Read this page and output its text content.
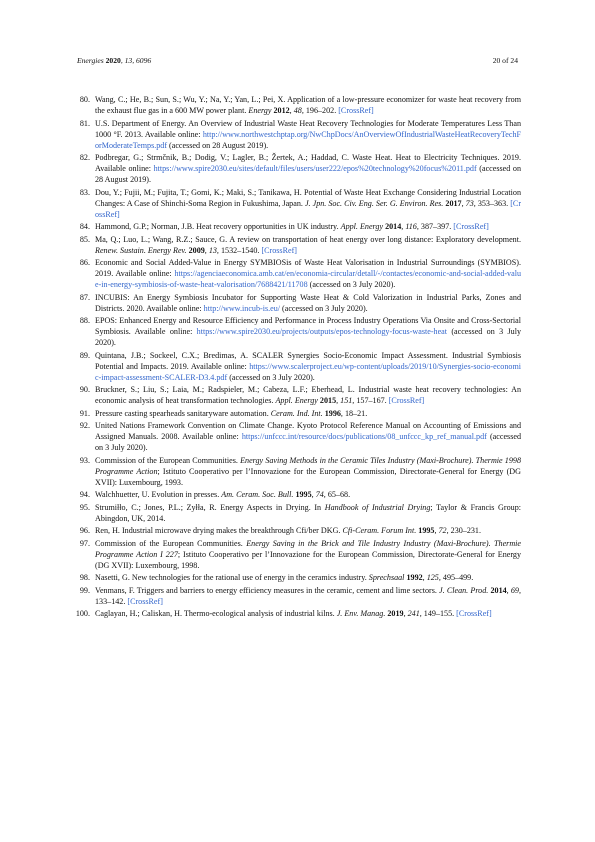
Energies 2020, 13, 6096	20 of 24
80. Wang, C.; He, B.; Sun, S.; Wu, Y.; Na, Y.; Yan, L.; Pei, X. Application of a low-pressure economizer for waste heat recovery from the exhaust flue gas in a 600 MW power plant. Energy 2012, 48, 196–202. [CrossRef]
81. U.S. Department of Energy. An Overview of Industrial Waste Heat Recovery Technologies for Moderate Temperatures Less Than 1000 °F. 2013. Available online: http://www.northwestchptap.org/NwChpDocs/AnOverviewOfIndustrialWasteHeatRecoveryTechForModerateTemps.pdf (accessed on 28 August 2019).
82. Podbregar, G.; Strmčnik, B.; Dodig, V.; Lagler, B.; Žertek, A.; Haddad, C. Waste Heat. Heat to Electricity Techniques. 2019. Available online: https://www.spire2030.eu/sites/default/files/users/user222/epos%20technology%20focus%2011.pdf (accessed on 28 August 2019).
83. Dou, Y.; Fujii, M.; Fujita, T.; Gomi, K.; Maki, S.; Tanikawa, H. Potential of Waste Heat Exchange Considering Industrial Location Changes: A Case of Shinchi-Soma Region in Fukushima, Japan. J. Jpn. Soc. Civ. Eng. Ser. G. Environ. Res. 2017, 73, 353–363. [CrossRef]
84. Hammond, G.P.; Norman, J.B. Heat recovery opportunities in UK industry. Appl. Energy 2014, 116, 387–397. [CrossRef]
85. Ma, Q.; Luo, L.; Wang, R.Z.; Sauce, G. A review on transportation of heat energy over long distance: Exploratory development. Renew. Sustain. Energy Rev. 2009, 13, 1532–1540. [CrossRef]
86. Economic and Social Added-Value in Energy SYMBIOSis of Waste Heat Valorisation in Industrial Surroundings (SYMBIOS). 2019. Available online: https://agenciaeconomica.amb.cat/en/economia-circular/detall/-/contactes/economic-and-social-added-value-in-energy-symbiosis-of-waste-heat-valorisation/7688421/11708 (accessed on 3 July 2020).
87. INCUBIS: An Energy Symbiosis Incubator for Supporting Waste Heat & Cold Valorization in Industrial Parks, Zones and Districts. 2020. Available online: http://www.incub-is.eu/ (accessed on 3 July 2020).
88. EPOS: Enhanced Energy and Resource Efficiency and Performance in Process Industry Operations Via Onsite and Cross-Sectorial Symbiosis. Available online: https://www.spire2030.eu/projects/outputs/epos-technology-focus-waste-heat (accessed on 3 July 2020).
89. Quintana, J.B.; Sockeel, C.X.; Bredimas, A. SCALER Synergies Socio-Economic Impact Assessment. Industrial Symbiosis Potential and Impacts. 2019. Available online: https://www.scalerproject.eu/wp-content/uploads/2019/10/Synergies-socio-economic-impact-assessment-SCALER-D3.4.pdf (accessed on 3 July 2020).
90. Bruckner, S.; Liu, S.; Laia, M.; Radspieler, M.; Cabeza, L.F.; Eberhead, L. Industrial waste heat recovery technologies: An economic analysis of heat transformation technologies. Appl. Energy 2015, 151, 157–167. [CrossRef]
91. Pressure casting spearheads sanitaryware automation. Ceram. Ind. Int. 1996, 18–21.
92. United Nations Framework Convention on Climate Change. Kyoto Protocol Reference Manual on Accounting of Emissions and Assigned Manuals. 2008. Available online: https://unfccc.int/resource/docs/publications/08_unfccc_kp_ref_manual.pdf (accessed on 3 July 2020).
93. Commission of the European Communities. Energy Saving Methods in the Ceramic Tiles Industry (Maxi-Brochure). Thermie 1998 Programme Action; Istituto Cooperativo per l’Innovazione for the European Commission, Directorate-General for Energy (DG XVII): Luxembourg, 1993.
94. Walchhuetter, U. Evolution in presses. Am. Ceram. Soc. Bull. 1995, 74, 65–68.
95. Strumiłło, C.; Jones, P.L.; Zyłła, R. Energy Aspects in Drying. In Handbook of Industrial Drying; Taylor & Francis Group: Abingdon, UK, 2014.
96. Ren, H. Industrial microwave drying makes the breakthrough Cfi/ber DKG. Cfi-Ceram. Forum Int. 1995, 72, 230–231.
97. Commission of the European Communities. Energy Saving in the Brick and Tile Industry Industry (Maxi-Brochure). Thermie Programme Action I 227; Istituto Cooperativo per l’Innovazione for the European Commission, Directorate-General for Energy (DG XVII): Luxembourg, 1998.
98. Nasetti, G. New technologies for the rational use of energy in the ceramics industry. Sprechsaal 1992, 125, 495–499.
99. Venmans, F. Triggers and barriers to energy efficiency measures in the ceramic, cement and lime sectors. J. Clean. Prod. 2014, 69, 133–142. [CrossRef]
100. Caglayan, H.; Caliskan, H. Thermo-ecological analysis of industrial kilns. J. Env. Manag. 2019, 241, 149–155. [CrossRef]
